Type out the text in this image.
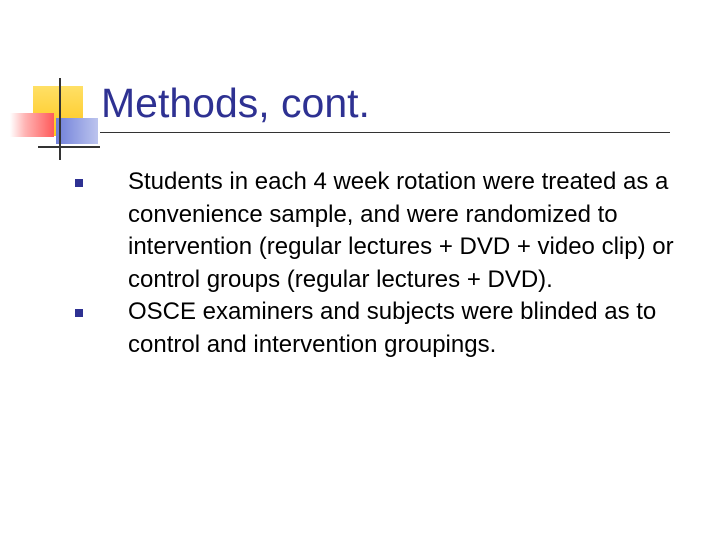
Methods, cont.
Students in each 4 week rotation were treated as a convenience sample, and were randomized to intervention (regular lectures + DVD + video clip) or control groups (regular lectures + DVD).
OSCE examiners and subjects were blinded as to control and intervention groupings.
